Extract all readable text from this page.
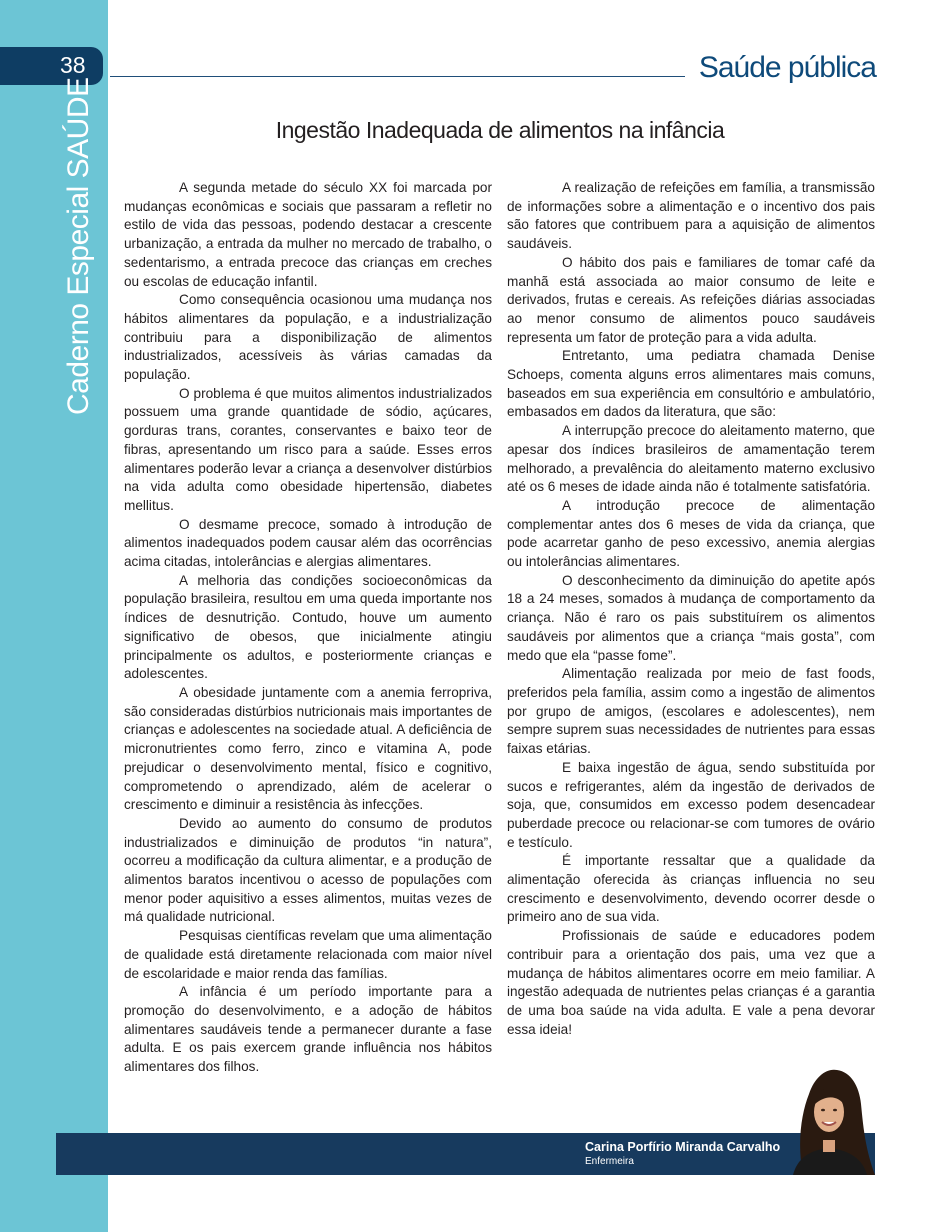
38
Caderno Especial SAÚDE
Saúde pública
Ingestão Inadequada de alimentos na infância

A segunda metade do século XX foi marcada por mudanças econômicas e sociais que passaram a refletir no estilo de vida das pessoas, podendo destacar a crescente urbanização, a entrada da mulher no mercado de trabalho, o sedentarismo, a entrada precoce das crianças em creches ou escolas de educação infantil.

Como consequência ocasionou uma mudança nos hábitos alimentares da população, e a industrialização contribuiu para a disponibilização de alimentos industrializados, acessíveis às várias camadas da população.

O problema é que muitos alimentos industrializados possuem uma grande quantidade de sódio, açúcares, gorduras trans, corantes, conservantes e baixo teor de fibras, apresentando um risco para a saúde. Esses erros alimentares poderão levar a criança a desenvolver distúrbios na vida adulta como obesidade hipertensão, diabetes mellitus.

O desmame precoce, somado à introdução de alimentos inadequados podem causar além das ocorrências acima citadas, intolerâncias e alergias alimentares.

A melhoria das condições socioeconômicas da população brasileira, resultou em uma queda importante nos índices de desnutrição. Contudo, houve um aumento significativo de obesos, que inicialmente atingiu principalmente os adultos, e posteriormente crianças e adolescentes.

A obesidade juntamente com a anemia ferropriva, são consideradas distúrbios nutricionais mais importantes de crianças e adolescentes na sociedade atual. A deficiência de micronutrientes como ferro, zinco e vitamina A, pode prejudicar o desenvolvimento mental, físico e cognitivo, comprometendo o aprendizado, além de acelerar o crescimento e diminuir a resistência às infecções.

Devido ao aumento do consumo de produtos industrializados e diminuição de produtos “in natura”, ocorreu a modificação da cultura alimentar, e a produção de alimentos baratos incentivou o acesso de populações com menor poder aquisitivo a esses alimentos, muitas vezes de má qualidade nutricional.

Pesquisas científicas revelam que uma alimentação de qualidade está diretamente relacionada com maior nível de escolaridade e maior renda das famílias.

A infância é um período importante para a promoção do desenvolvimento, e a adoção de hábitos alimentares saudáveis tende a permanecer durante a fase adulta. E os pais exercem grande influência nos hábitos alimentares dos filhos.

A realização de refeições em família, a transmissão de informações sobre a alimentação e o incentivo dos pais são fatores que contribuem para a aquisição de alimentos saudáveis.

O hábito dos pais e familiares de tomar café da manhã está associada ao maior consumo de leite e derivados, frutas e cereais. As refeições diárias associadas ao menor consumo de alimentos pouco saudáveis representa um fator de proteção para a vida adulta.

Entretanto, uma pediatra chamada Denise Schoeps, comenta alguns erros alimentares mais comuns, baseados em sua experiência em consultório e ambulatório, embasados em dados da literatura, que são:

A interrupção precoce do aleitamento materno, que apesar dos índices brasileiros de amamentação terem melhorado, a prevalência do aleitamento materno exclusivo até os 6 meses de idade ainda não é totalmente satisfatória.

A introdução precoce de alimentação complementar antes dos 6 meses de vida da criança, que pode acarretar ganho de peso excessivo, anemia alergias ou intolerâncias alimentares.

O desconhecimento da diminuição do apetite após 18 a 24 meses, somados à mudança de comportamento da criança. Não é raro os pais substituírem os alimentos saudáveis por alimentos que a criança “mais gosta”, com medo que ela “passe fome”.

Alimentação realizada por meio de fast foods, preferidos pela família, assim como a ingestão de alimentos por grupo de amigos, (escolares e adolescentes), nem sempre suprem suas necessidades de nutrientes para essas faixas etárias.

E baixa ingestão de água, sendo substituída por sucos e refrigerantes, além da ingestão de derivados de soja, que, consumidos em excesso podem desencadear puberdade precoce ou relacionar-se com tumores de ovário e testículo.

É importante ressaltar que a qualidade da alimentação oferecida às crianças influencia no seu crescimento e desenvolvimento, devendo ocorrer desde o primeiro ano de sua vida.

Profissionais de saúde e educadores podem contribuir para a orientação dos pais, uma vez que a mudança de hábitos alimentares ocorre em meio familiar. A ingestão adequada de nutrientes pelas crianças é a garantia de uma boa saúde na vida adulta. E vale a pena devorar essa ideia!

Carina Porfírio Miranda Carvalho
Enfermeira
